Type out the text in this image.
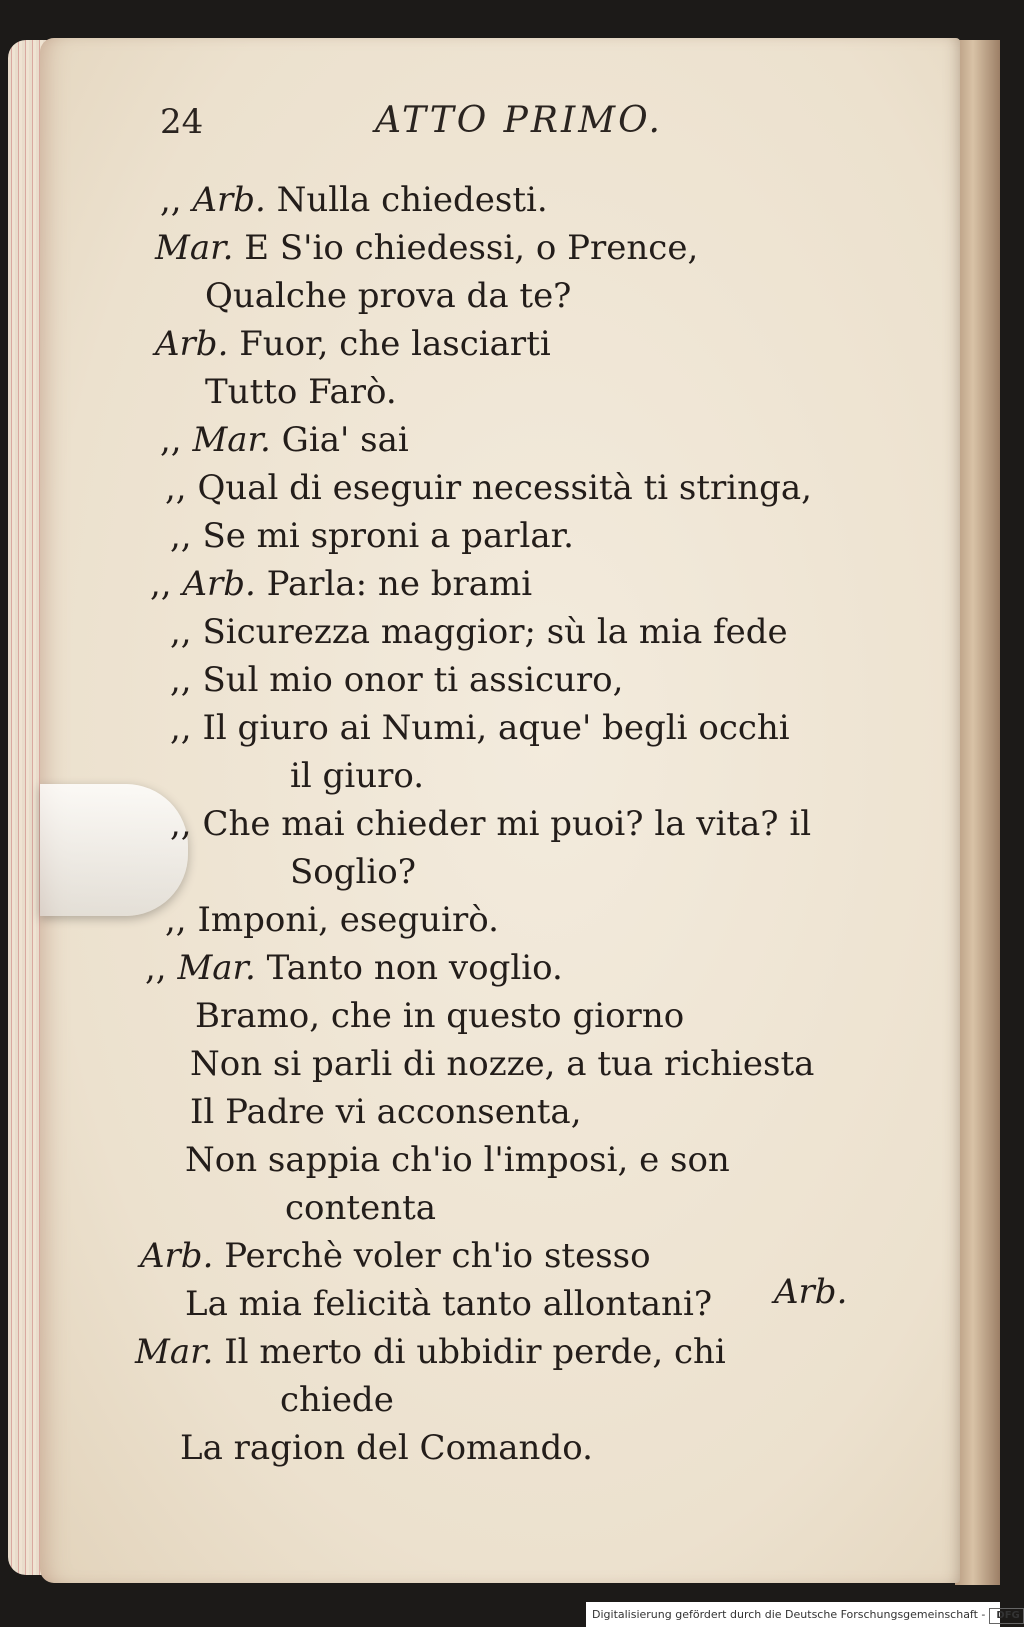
24	ATTO PRIMO.
,, Arb. Nulla chiedesti.
Mar. E S'io chiedessi, o Prence,
Qualche prova da te?
Arb. Fuor, che lasciarti
Tutto Farò.
,, Mar. Gia' sai
,, Qual di eseguir necessità ti stringa,
,, Se mi sproni a parlar.
,, Arb. Parla: ne brami
,, Sicurezza maggior; sù la mia fede
,, Sul mio onor ti assicuro,
,, Il giuro ai Numi, aque' begli occhi
il giuro.
,, Che mai chieder mi puoi? la vita? il
Soglio?
,, Imponi, eseguirò.
,, Mar. Tanto non voglio.
Bramo, che in questo giorno
Non si parli di nozze, a tua richiesta
Il Padre vi acconsenta,
Non sappia ch'io l'imposi, e son
contenta
Arb. Perchè voler ch'io stesso
La mia felicità tanto allontani?
Mar. Il merto di ubbidir perde, chi
chiede
La ragion del Comando.
Arb.
Digitalisierung gefördert durch die Deutsche Forschungsgemeinschaft - DFG
